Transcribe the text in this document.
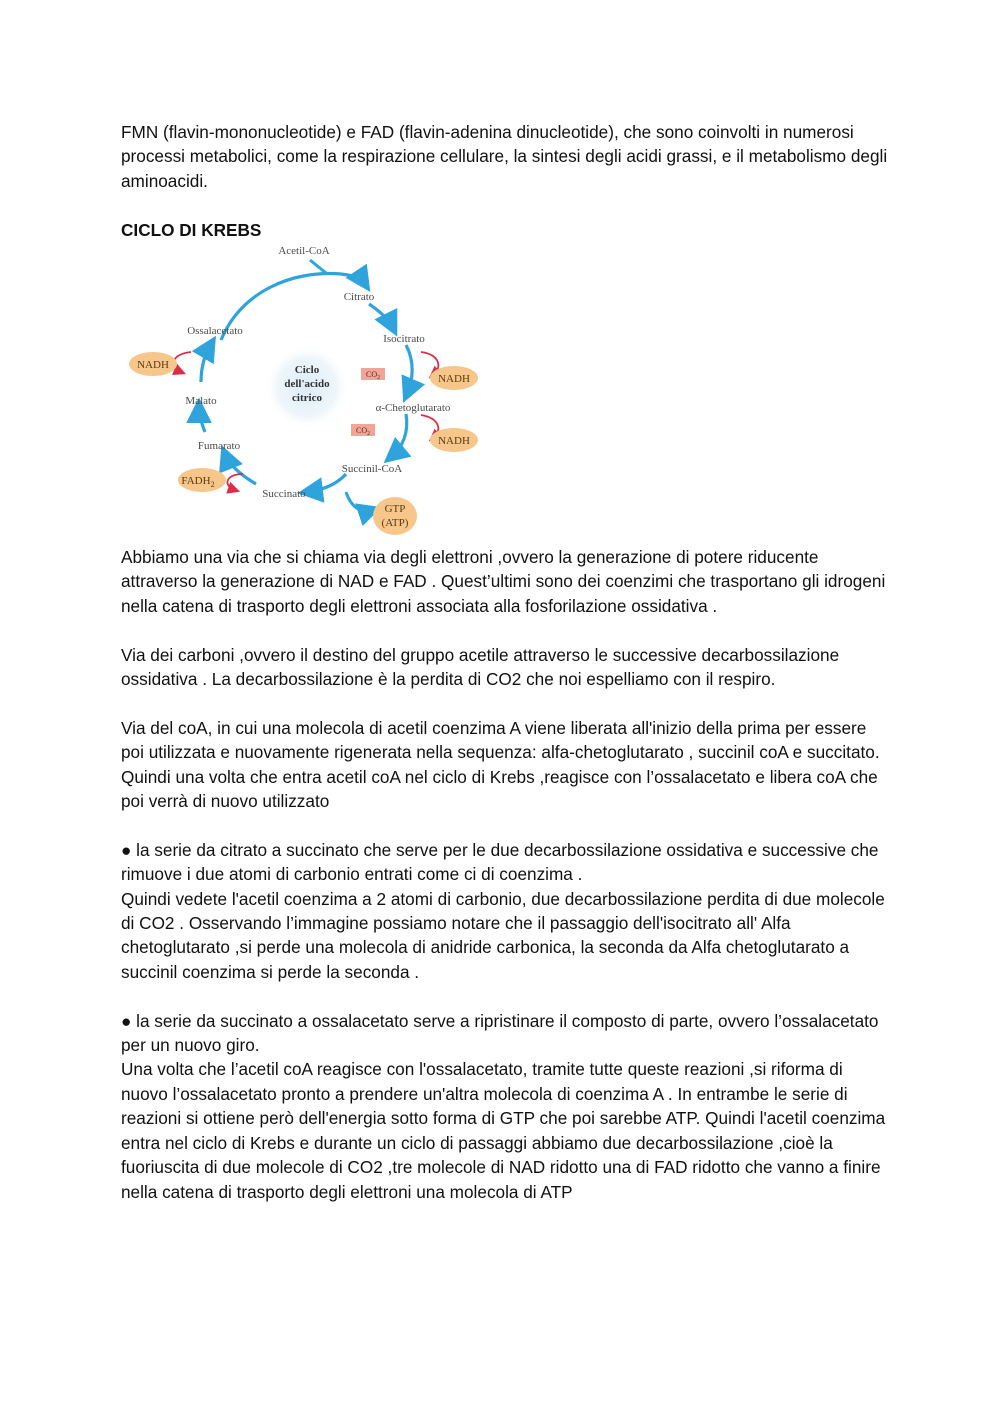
FMN (flavin-mononucleotide) e FAD (flavin-adenina dinucleotide), che sono coinvolti in numerosi processi metabolici, come la respirazione cellulare, la sintesi degli acidi grassi, e il metabolismo degli aminoacidi.

CICLO DI KREBS
Ciclo
dell'acido
citrico
Acetil-CoA
Citrato
Isocitrato
α-Chetoglutarato
Succinil-CoA
Succinato
Fumarato
Malato
Ossalacetato
$CO_2$
$CO_2$
NADH
NADH
NADH
$FADH_2$
GTP
(ATP)

Abbiamo una via che si chiama via degli elettroni ,ovvero la generazione di potere riducente attraverso la generazione di NAD e FAD . Quest’ultimi sono dei coenzimi che trasportano gli idrogeni nella catena di trasporto degli elettroni associata alla fosforilazione ossidativa .

Via dei carboni ,ovvero il destino del gruppo acetile attraverso le successive decarbossilazione ossidativa . La decarbossilazione è la perdita di CO2 che noi espelliamo con il respiro.

Via del coA, in cui una molecola di acetil coenzima A viene liberata all'inizio della prima per essere poi utilizzata e nuovamente rigenerata nella sequenza: alfa-chetoglutarato , succinil coA e succitato. Quindi una volta che entra acetil coA nel ciclo di Krebs ,reagisce con l’ossalacetato e libera coA che poi verrà di nuovo utilizzato

● la serie da citrato a succinato che serve per le due decarbossilazione ossidativa e successive che rimuove i due atomi di carbonio entrati come ci di coenzima .

Quindi vedete l'acetil coenzima a 2 atomi di carbonio, due decarbossilazione perdita di due molecole di CO2 . Osservando l’immagine possiamo notare che il passaggio dell'isocitrato all' Alfa chetoglutarato ,si perde una molecola di anidride carbonica, la seconda da Alfa chetoglutarato a succinil coenzima si perde la seconda .

● la serie da succinato a ossalacetato serve a ripristinare il composto di parte, ovvero l’ossalacetato per un nuovo giro.

Una volta che l’acetil coA reagisce con l'ossalacetato, tramite tutte queste reazioni ,si riforma di nuovo l’ossalacetato pronto a prendere un'altra molecola di coenzima A . In entrambe le serie di reazioni si ottiene però dell'energia sotto forma di GTP che poi sarebbe ATP. Quindi l'acetil coenzima entra nel ciclo di Krebs e durante un ciclo di passaggi abbiamo due decarbossilazione ,cioè la fuoriuscita di due molecole di CO2 ,tre molecole di NAD ridotto una di FAD ridotto che vanno a finire nella catena di trasporto degli elettroni una molecola di ATP
